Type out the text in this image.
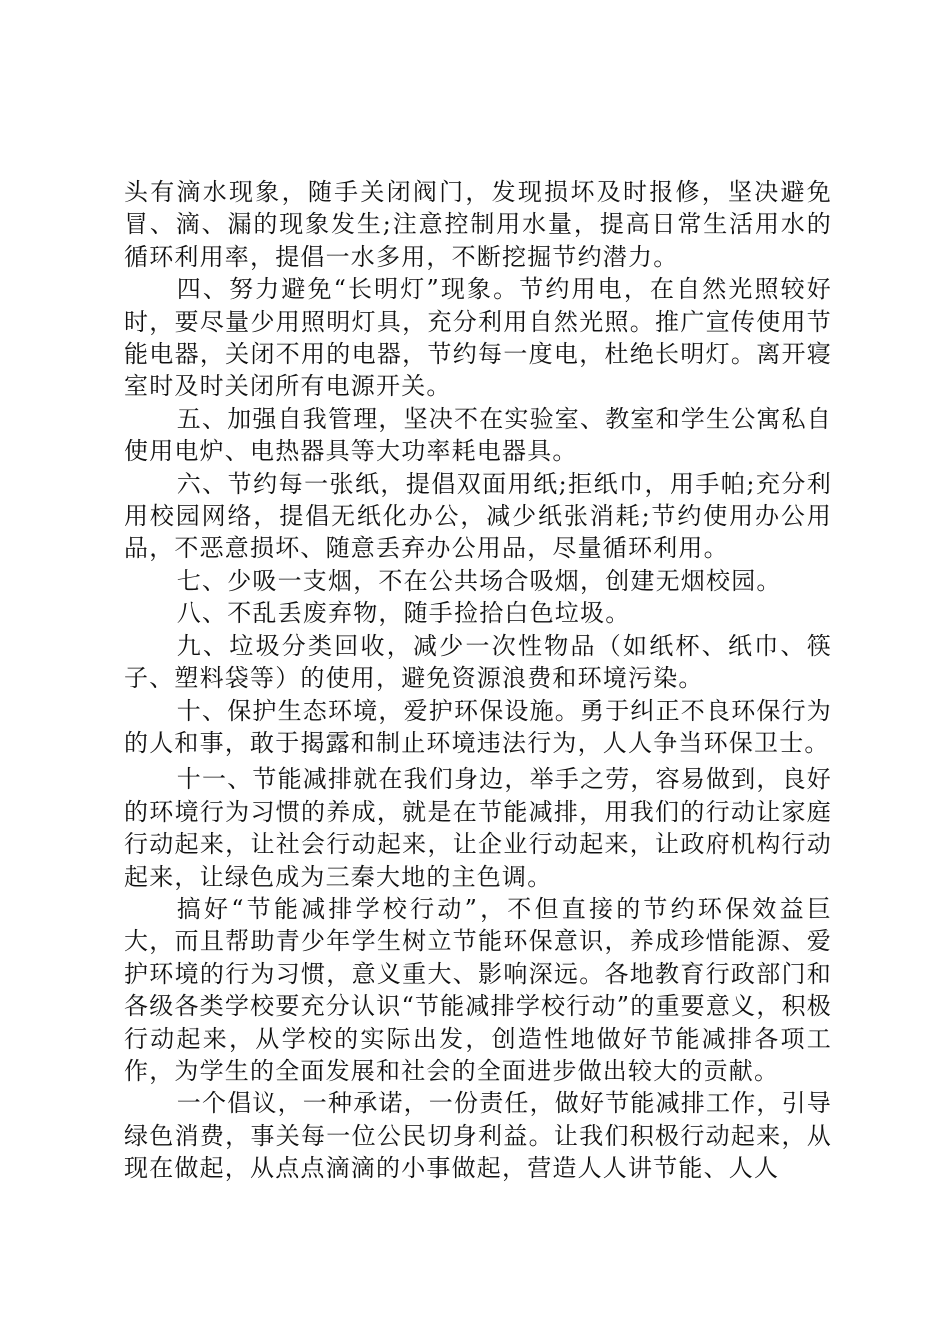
头有滴水现象，随手关闭阀门，发现损坏及时报修，坚决避免冒、滴、漏的现象发生;注意控制用水量，提高日常生活用水的循环利用率，提倡一水多用，不断挖掘节约潜力。

四、努力避免“长明灯”现象。节约用电，在自然光照较好时，要尽量少用照明灯具，充分利用自然光照。推广宣传使用节能电器，关闭不用的电器，节约每一度电，杜绝长明灯。离开寝室时及时关闭所有电源开关。

五、加强自我管理，坚决不在实验室、教室和学生公寓私自使用电炉、电热器具等大功率耗电器具。

六、节约每一张纸，提倡双面用纸;拒纸巾，用手帕;充分利用校园网络，提倡无纸化办公，减少纸张消耗;节约使用办公用品，不恶意损坏、随意丢弃办公用品，尽量循环利用。

七、少吸一支烟，不在公共场合吸烟，创建无烟校园。

八、不乱丢废弃物，随手捡拾白色垃圾。

九、垃圾分类回收，减少一次性物品（如纸杯、纸巾、筷子、塑料袋等）的使用，避免资源浪费和环境污染。

十、保护生态环境，爱护环保设施。勇于纠正不良环保行为的人和事，敢于揭露和制止环境违法行为，人人争当环保卫士。

十一、节能减排就在我们身边，举手之劳，容易做到，良好的环境行为习惯的养成，就是在节能减排，用我们的行动让家庭行动起来，让社会行动起来，让企业行动起来，让政府机构行动起来，让绿色成为三秦大地的主色调。

搞好“节能减排学校行动”，不但直接的节约环保效益巨大，而且帮助青少年学生树立节能环保意识，养成珍惜能源、爱护环境的行为习惯，意义重大、影响深远。各地教育行政部门和各级各类学校要充分认识“节能减排学校行动”的重要意义，积极行动起来，从学校的实际出发，创造性地做好节能减排各项工作，为学生的全面发展和社会的全面进步做出较大的贡献。

一个倡议，一种承诺，一份责任，做好节能减排工作，引导绿色消费，事关每一位公民切身利益。让我们积极行动起来，从现在做起，从点点滴滴的小事做起，营造人人讲节能、人人
